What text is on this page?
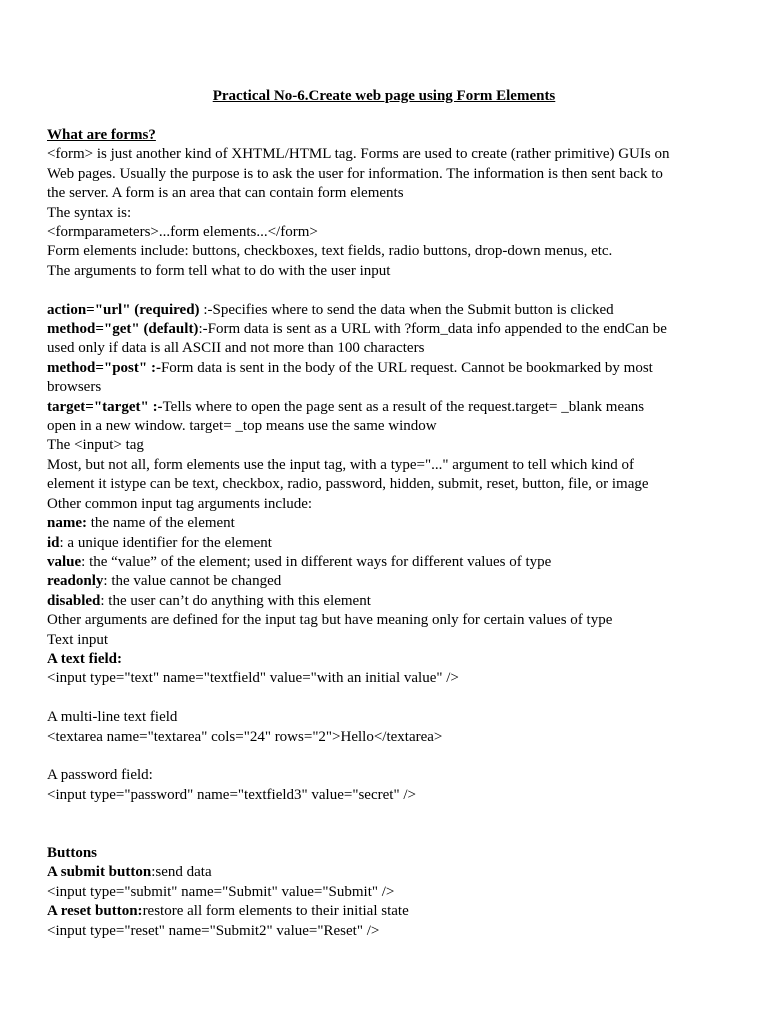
Practical No-6.Create web page using Form Elements
What are forms?
<form> is just another kind of XHTML/HTML tag. Forms are used to create (rather primitive) GUIs on
Web pages. Usually the purpose is to ask the user for information. The information is then sent back to
the server. A form is an area that can contain form elements
The syntax is:
<formparameters>...form elements...</form>
Form elements include: buttons, checkboxes, text fields, radio buttons, drop-down menus, etc.
The arguments to form tell what to do with the user input
action="url" (required) :-Specifies where to send the data when the Submit button is clicked
method="get" (default):-Form data is sent as a URL with ?form_data info appended to the endCan be
used only if data is all ASCII and not more than 100 characters
method="post" :-Form data is sent in the body of the URL request. Cannot be bookmarked by most
browsers
target="target" :-Tells where to open the page sent as a result of the request.target= _blank means
open in a new window. target= _top means use the same window
The <input> tag
Most, but not all, form elements use the input tag, with a type="..." argument to tell which kind of
element it istype can be text, checkbox, radio, password, hidden, submit, reset, button, file, or image
Other common input tag arguments include:
name: the name of the element
id: a unique identifier for the element
value: the “value” of the element; used in different ways for different values of type
readonly: the value cannot be changed
disabled: the user can’t do anything with this element
Other arguments are defined for the input tag but have meaning only for certain values of type
Text input
A text field:
<input type="text" name="textfield" value="with an initial value" />
A multi-line text field
<textarea name="textarea" cols="24" rows="2">Hello</textarea>
A password field:
<input type="password" name="textfield3" value="secret" />
Buttons
A submit button:send data
<input type="submit" name="Submit" value="Submit" />
A reset button:restore all form elements to their initial state
<input type="reset" name="Submit2" value="Reset" />
